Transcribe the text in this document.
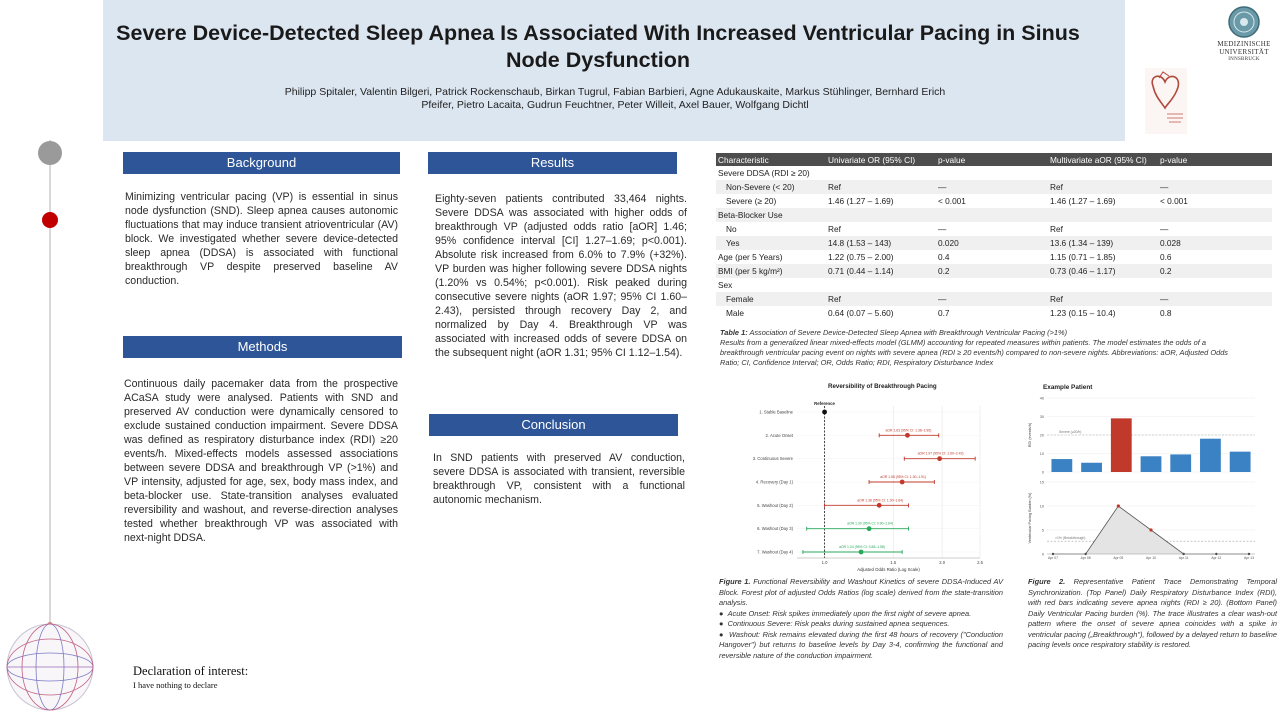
Severe Device-Detected Sleep Apnea Is Associated With Increased Ventricular Pacing in Sinus Node Dysfunction
Philipp Spitaler, Valentin Bilgeri, Patrick Rockenschaub, Birkan Tugrul, Fabian Barbieri, Agne Adukauskaite, Markus Stühlinger, Bernhard Erich Pfeifer, Pietro Lacaita, Gudrun Feuchtner, Peter Willeit, Axel Bauer, Wolfgang Dichtl
MEDIZINISCHE
UNIVERSITÄT
INNSBRUCK
Background
Minimizing ventricular pacing (VP) is essential in sinus node dysfunction (SND). Sleep apnea causes autonomic fluctuations that may induce transient atrioventricular (AV) block. We investigated whether severe device-detected sleep apnea (DDSA) is associated with functional breakthrough VP despite preserved baseline AV conduction.
Methods
Continuous daily pacemaker data from the prospective ACaSA study were analysed. Patients with SND and preserved AV conduction were dynamically censored to exclude sustained conduction impairment. Severe DDSA was defined as respiratory disturbance index (RDI) ≥20 events/h. Mixed-effects models assessed associations between severe DDSA and breakthrough VP (>1%) and VP intensity, adjusted for age, sex, body mass index, and beta-blocker use. State-transition analyses evaluated reversibility and washout, and reverse-direction analyses tested whether breakthrough VP was associated with next-night DDSA.
Results
Eighty-seven patients contributed 33,464 nights. Severe DDSA was associated with higher odds of breakthrough VP (adjusted odds ratio [aOR] 1.46; 95% confidence interval [CI] 1.27–1.69; p<0.001). Absolute risk increased from 6.0% to 7.9% (+32%). VP burden was higher following severe DDSA nights (1.20% vs 0.54%; p<0.001). Risk peaked during consecutive severe nights (aOR 1.97; 95% CI 1.60–2.43), persisted through recovery Day 2, and normalized by Day 4. Breakthrough VP was associated with increased odds of severe DDSA on the subsequent night (aOR 1.31; 95% CI 1.12–1.54).
Conclusion
In SND patients with preserved AV conduction, severe DDSA is associated with transient, reversible breakthrough VP, consistent with a functional autonomic mechanism.
Declaration of interest:
I have nothing to declare
Characteristic	Univariate OR (95% CI)	p-value	Multivariate aOR (95% CI)	p-value
Severe DDSA (RDI ≥ 20)				
Non-Severe (< 20)	Ref	—	Ref	—
Severe (≥ 20)	1.46 (1.27 – 1.69)	< 0.001	1.46 (1.27 – 1.69)	< 0.001
Beta-Blocker Use				
No	Ref	—	Ref	—
Yes	14.8 (1.53 – 143)	0.020	13.6 (1.34 – 139)	0.028
Age (per 5 Years)	1.22 (0.75 – 2.00)	0.4	1.15 (0.71 – 1.85)	0.6
BMI (per 5 kg/m²)	0.71 (0.44 – 1.14)	0.2	0.73 (0.46 – 1.17)	0.2
Sex				
Female	Ref	—	Ref	—
Male	0.64 (0.07 – 5.60)	0.7	1.23 (0.15 – 10.4)	0.8
Table 1: Association of Severe Device-Detected Sleep Apnea with Breakthrough Ventricular Pacing (>1%)
Results from a generalized linear mixed-effects model (GLMM) accounting for repeated measures within patients. The model estimates the odds of a breakthrough ventricular pacing event on nights with severe apnea (RDI ≥ 20 events/h) compared to non-severe nights. Abbreviations: aOR, Adjusted Odds Ratio; CI, Confidence Interval; OR, Odds Ratio; RDI, Respiratory Disturbance Index
Reversibility of Breakthrough Pacing
Reference
1. Stable Baseline
2. Acute Onset
3. Continuous Severe
4. Recovery (Day 1)
5. Washout (Day 2)
6. Washout (Day 3)
7. Washout (Day 4)
aOR 1.63 (95% CI: 1.38–1.96)
aOR 1.97 (95% CI: 1.60–2.43)
aOR 1.58 (95% CI: 1.30–1.91)
aOR 1.38 (95% CI: 1.00–1.64)
aOR 1.30 (95% CI: 0.90–1.64)
aOR 1.24 (95% CI: 0.88–1.58)
1.0	1.5	2.0	2.5
Adjusted Odds Ratio (Log Scale)
Figure 1. Functional Reversibility and Washout Kinetics of severe DDSA-Induced AV Block. Forest plot of adjusted Odds Ratios (log scale) derived from the state-transition analysis.
●  Acute Onset: Risk spikes immediately upon the first night of severe apnea.
●  Continuous Severe: Risk peaks during sustained apnea sequences.
●  Washout: Risk remains elevated during the first 48 hours of recovery ("Conduction Hangover") but returns to baseline levels by Day 3-4, confirming the functional and reversible nature of the conduction impairment.
Example Patient
0
10
20
30
40
Severe (≥20/h)
RDI (events/h)
0
5
10
15
>1% (Breakthrough)
Ventricular Pacing Burden (%)
Apr 07	Apr 08	Apr 09	Apr 10	Apr 11	Apr 12	Apr 13
Figure 2. Representative Patient Trace Demonstrating Temporal Synchronization. (Top Panel) Daily Respiratory Disturbance Index (RDI), with red bars indicating severe apnea nights (RDI ≥ 20). (Bottom Panel) Daily Ventricular Pacing burden (%). The trace illustrates a clear wash-out pattern where the onset of severe apnea coincides with a spike in ventricular pacing („Breakthrough"), followed by a delayed return to baseline pacing levels once respiratory stability is restored.
